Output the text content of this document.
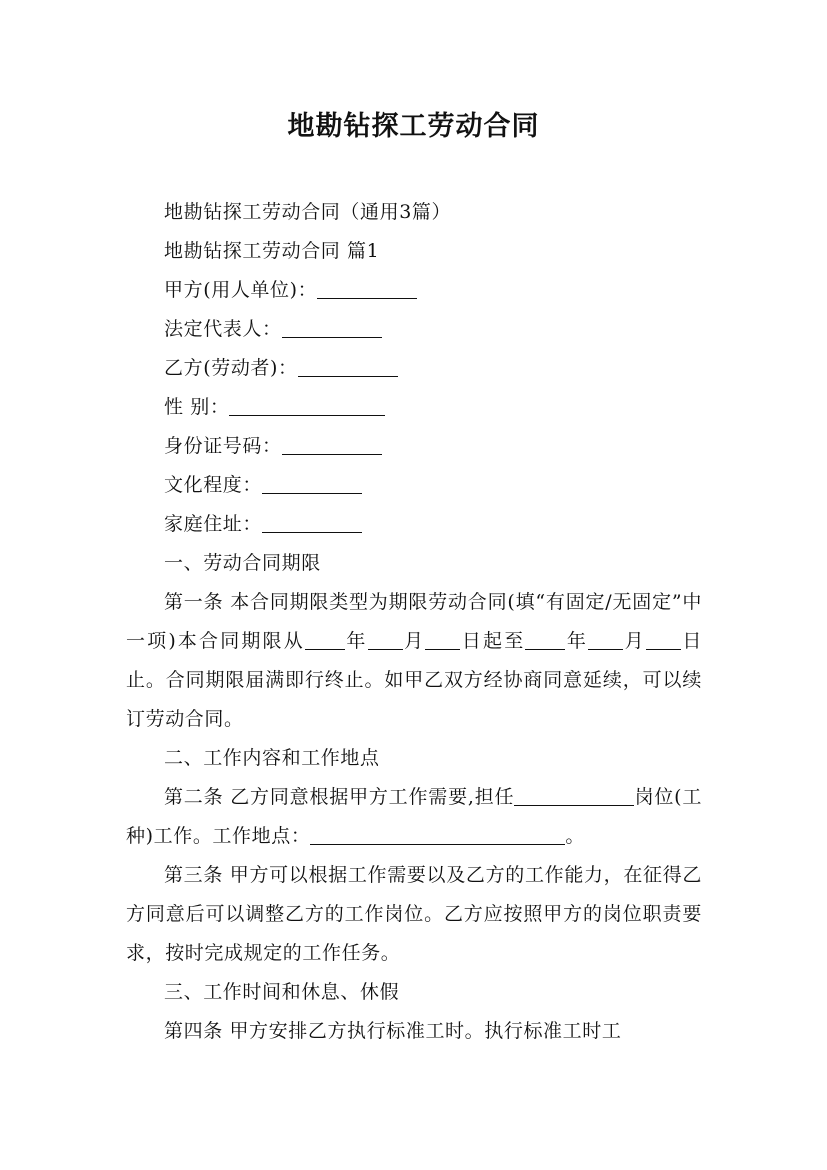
地勘钻探工劳动合同

地勘钻探工劳动合同（通用3篇）

地勘钻探工劳动合同 篇1

甲方(用人单位)：

法定代表人：

乙方(劳动者)：

性 别：

身份证号码：

文化程度：

家庭住址：

一、劳动合同期限

第一条 本合同期限类型为期限劳动合同(填“有固定/无固定”中一项)本合同期限从 年 月 日起至 年 月 日止。合同期限届满即行终止。如甲乙双方经协商同意延续，可以续订劳动合同。

二、工作内容和工作地点

第二条 乙方同意根据甲方工作需要,担任	岗位(工种)工作。工作地点：	。

第三条 甲方可以根据工作需要以及乙方的工作能力，在征得乙方同意后可以调整乙方的工作岗位。乙方应按照甲方的岗位职责要求，按时完成规定的工作任务。

三、工作时间和休息、休假

第四条 甲方安排乙方执行标准工时。执行标准工时工
